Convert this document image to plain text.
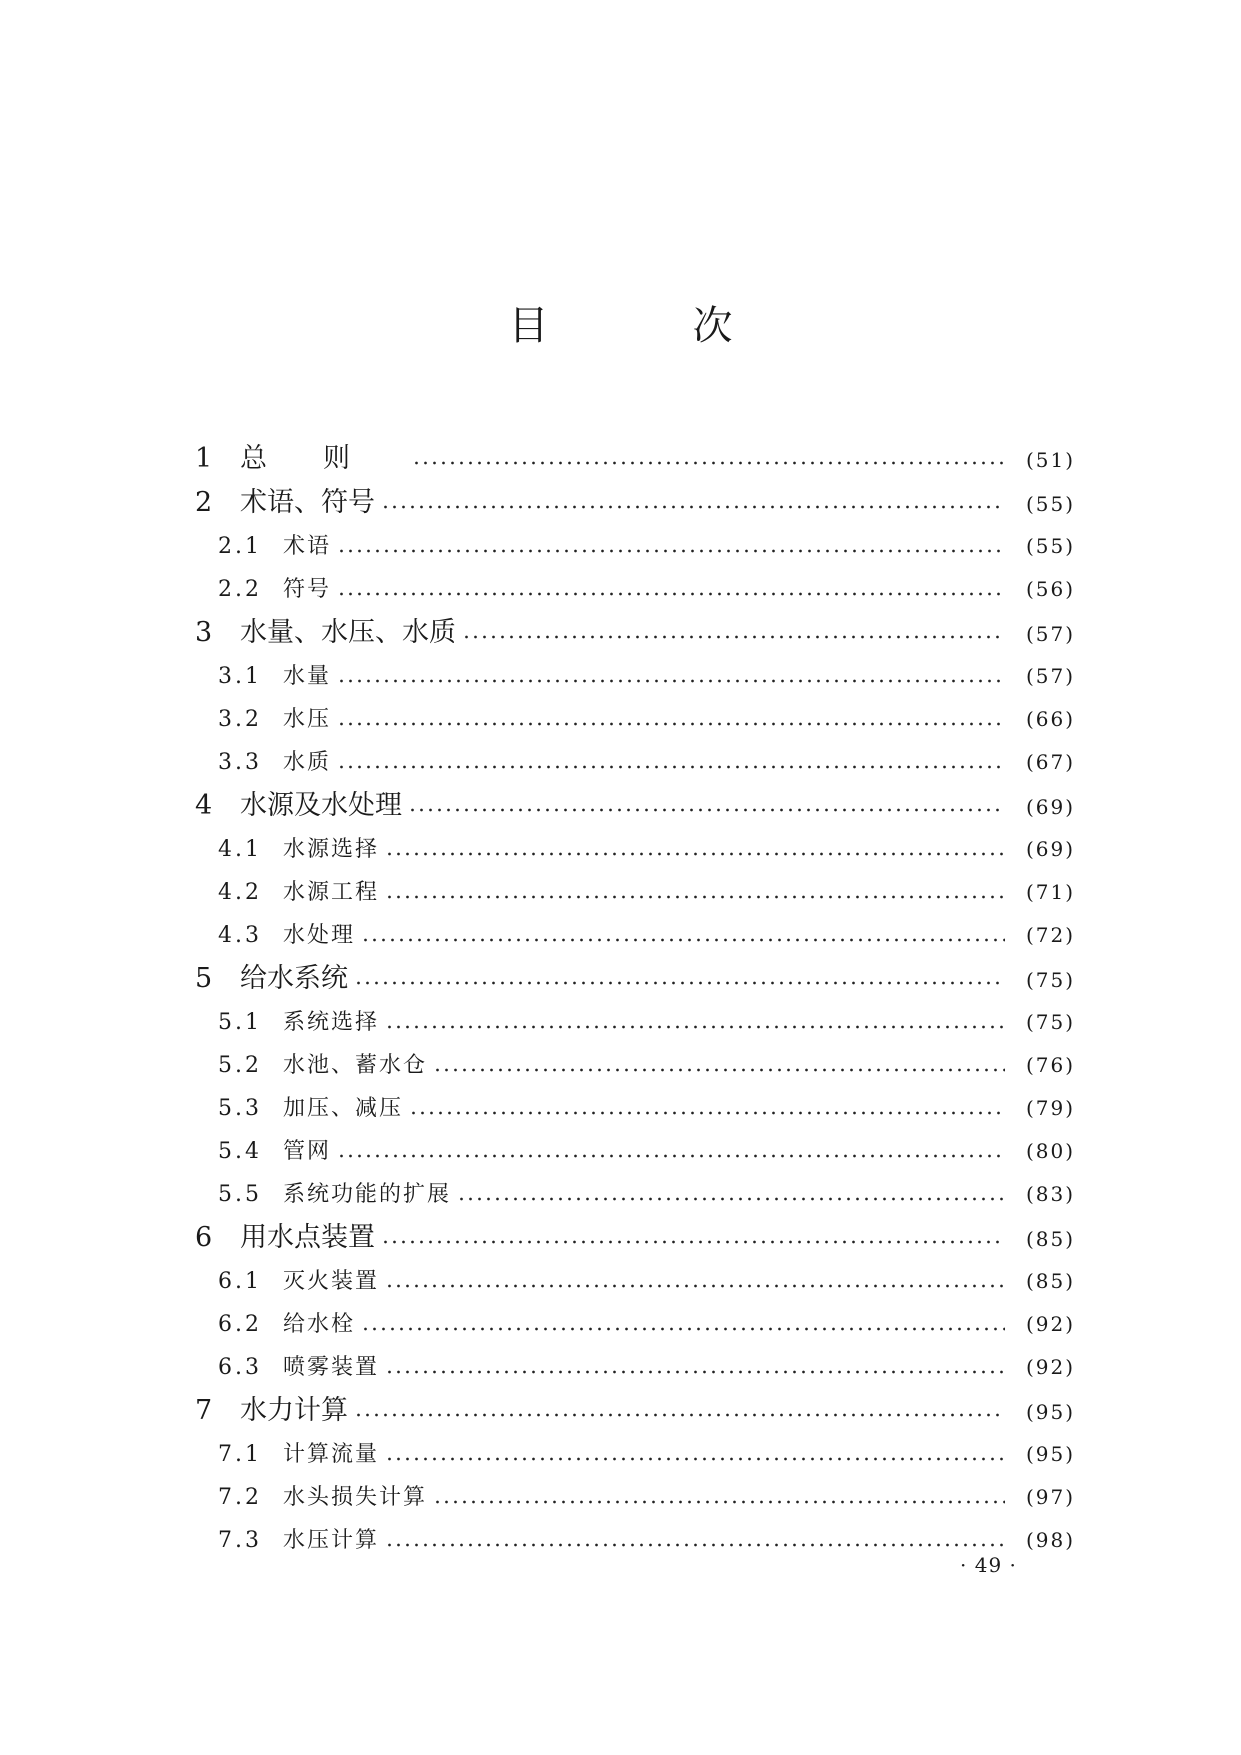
目　次
1	总则	(51)
2	术语、符号	(55)
2.1 术语	(55)
2.2 符号	(56)
3	水量、水压、水质	(57)
3.1 水量	(57)
3.2 水压	(66)
3.3 水质	(67)
4	水源及水处理	(69)
4.1 水源选择	(69)
4.2 水源工程	(71)
4.3 水处理	(72)
5	给水系统	(75)
5.1 系统选择	(75)
5.2 水池、蓄水仓	(76)
5.3 加压、减压	(79)
5.4 管网	(80)
5.5 系统功能的扩展	(83)
6	用水点装置	(85)
6.1 灭火装置	(85)
6.2 给水栓	(92)
6.3 喷雾装置	(92)
7	水力计算	(95)
7.1 计算流量	(95)
7.2 水头损失计算	(97)
7.3 水压计算	(98)
· 49 ·
